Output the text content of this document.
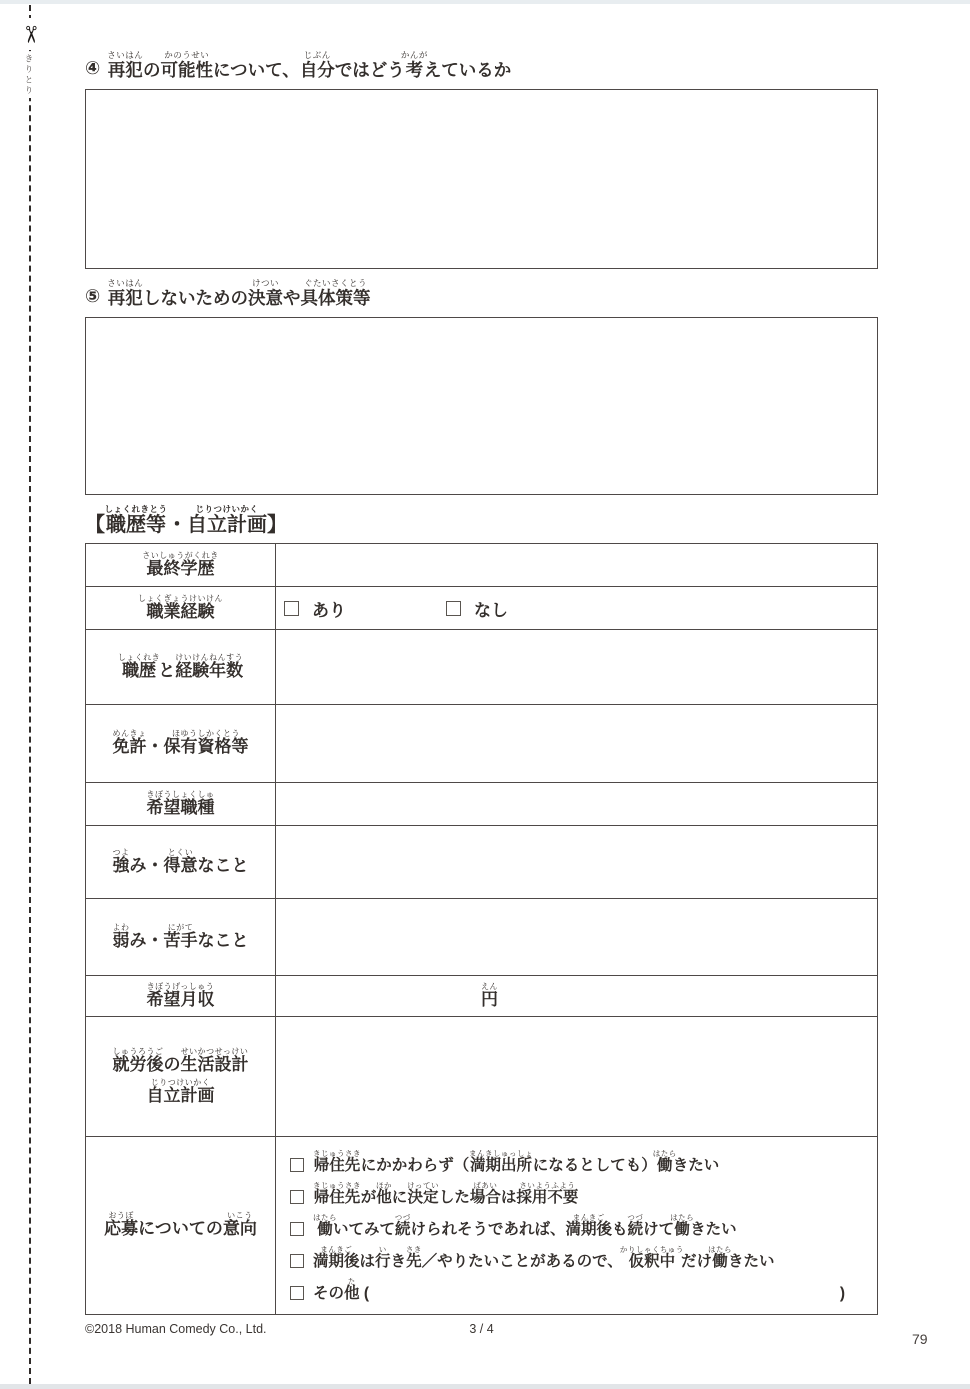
✂
きりとり	④ 再犯さいはんの可能性かのうせいについて、自分じぶんではどう考かんがえているか
⑤ 再犯さいはんしないための決意けついや具体策等ぐたいさくとう
【職歴等しょくれきとう・自立計画じりつけいかく】
最終学歴さいしゅうがくれき		
職業経験しょくぎょうけいけん	あり なし

職歴しょくれきと経験年数けいけんねんすう		
免許めんきょ・保有資格等ほゆうしかくとう		
希望職種きぼうしょくしゅ		
強つよみ・得意とくいなこと	
弱よわみ・苦手にがてなこと	
希望月収きぼうげっしゅう	円えん

就労後しゅうろうごの生活設計せいかつせっけい
自立計画じりつけいかく	

応募おうぼについての意向いこう	
帰住先きじゅうさきにかかわらず（満期出所まんきしゅっしょになるとしても）働はたらきたい
帰住先きじゅうさきが他ほかに決定けっていした場合ばあいは採用不要さいようふよう
働はたらいてみて続つづけられそうであれば、満期後まんきごも続つづけて働はたらきたい
満期後まんきごは行いき先さき／やりたいことがあるので、仮釈中かりしゃくちゅうだけ働はたらきたい
その他た (	)
©2018 Human Comedy Co., Ltd.	3 / 4
79
